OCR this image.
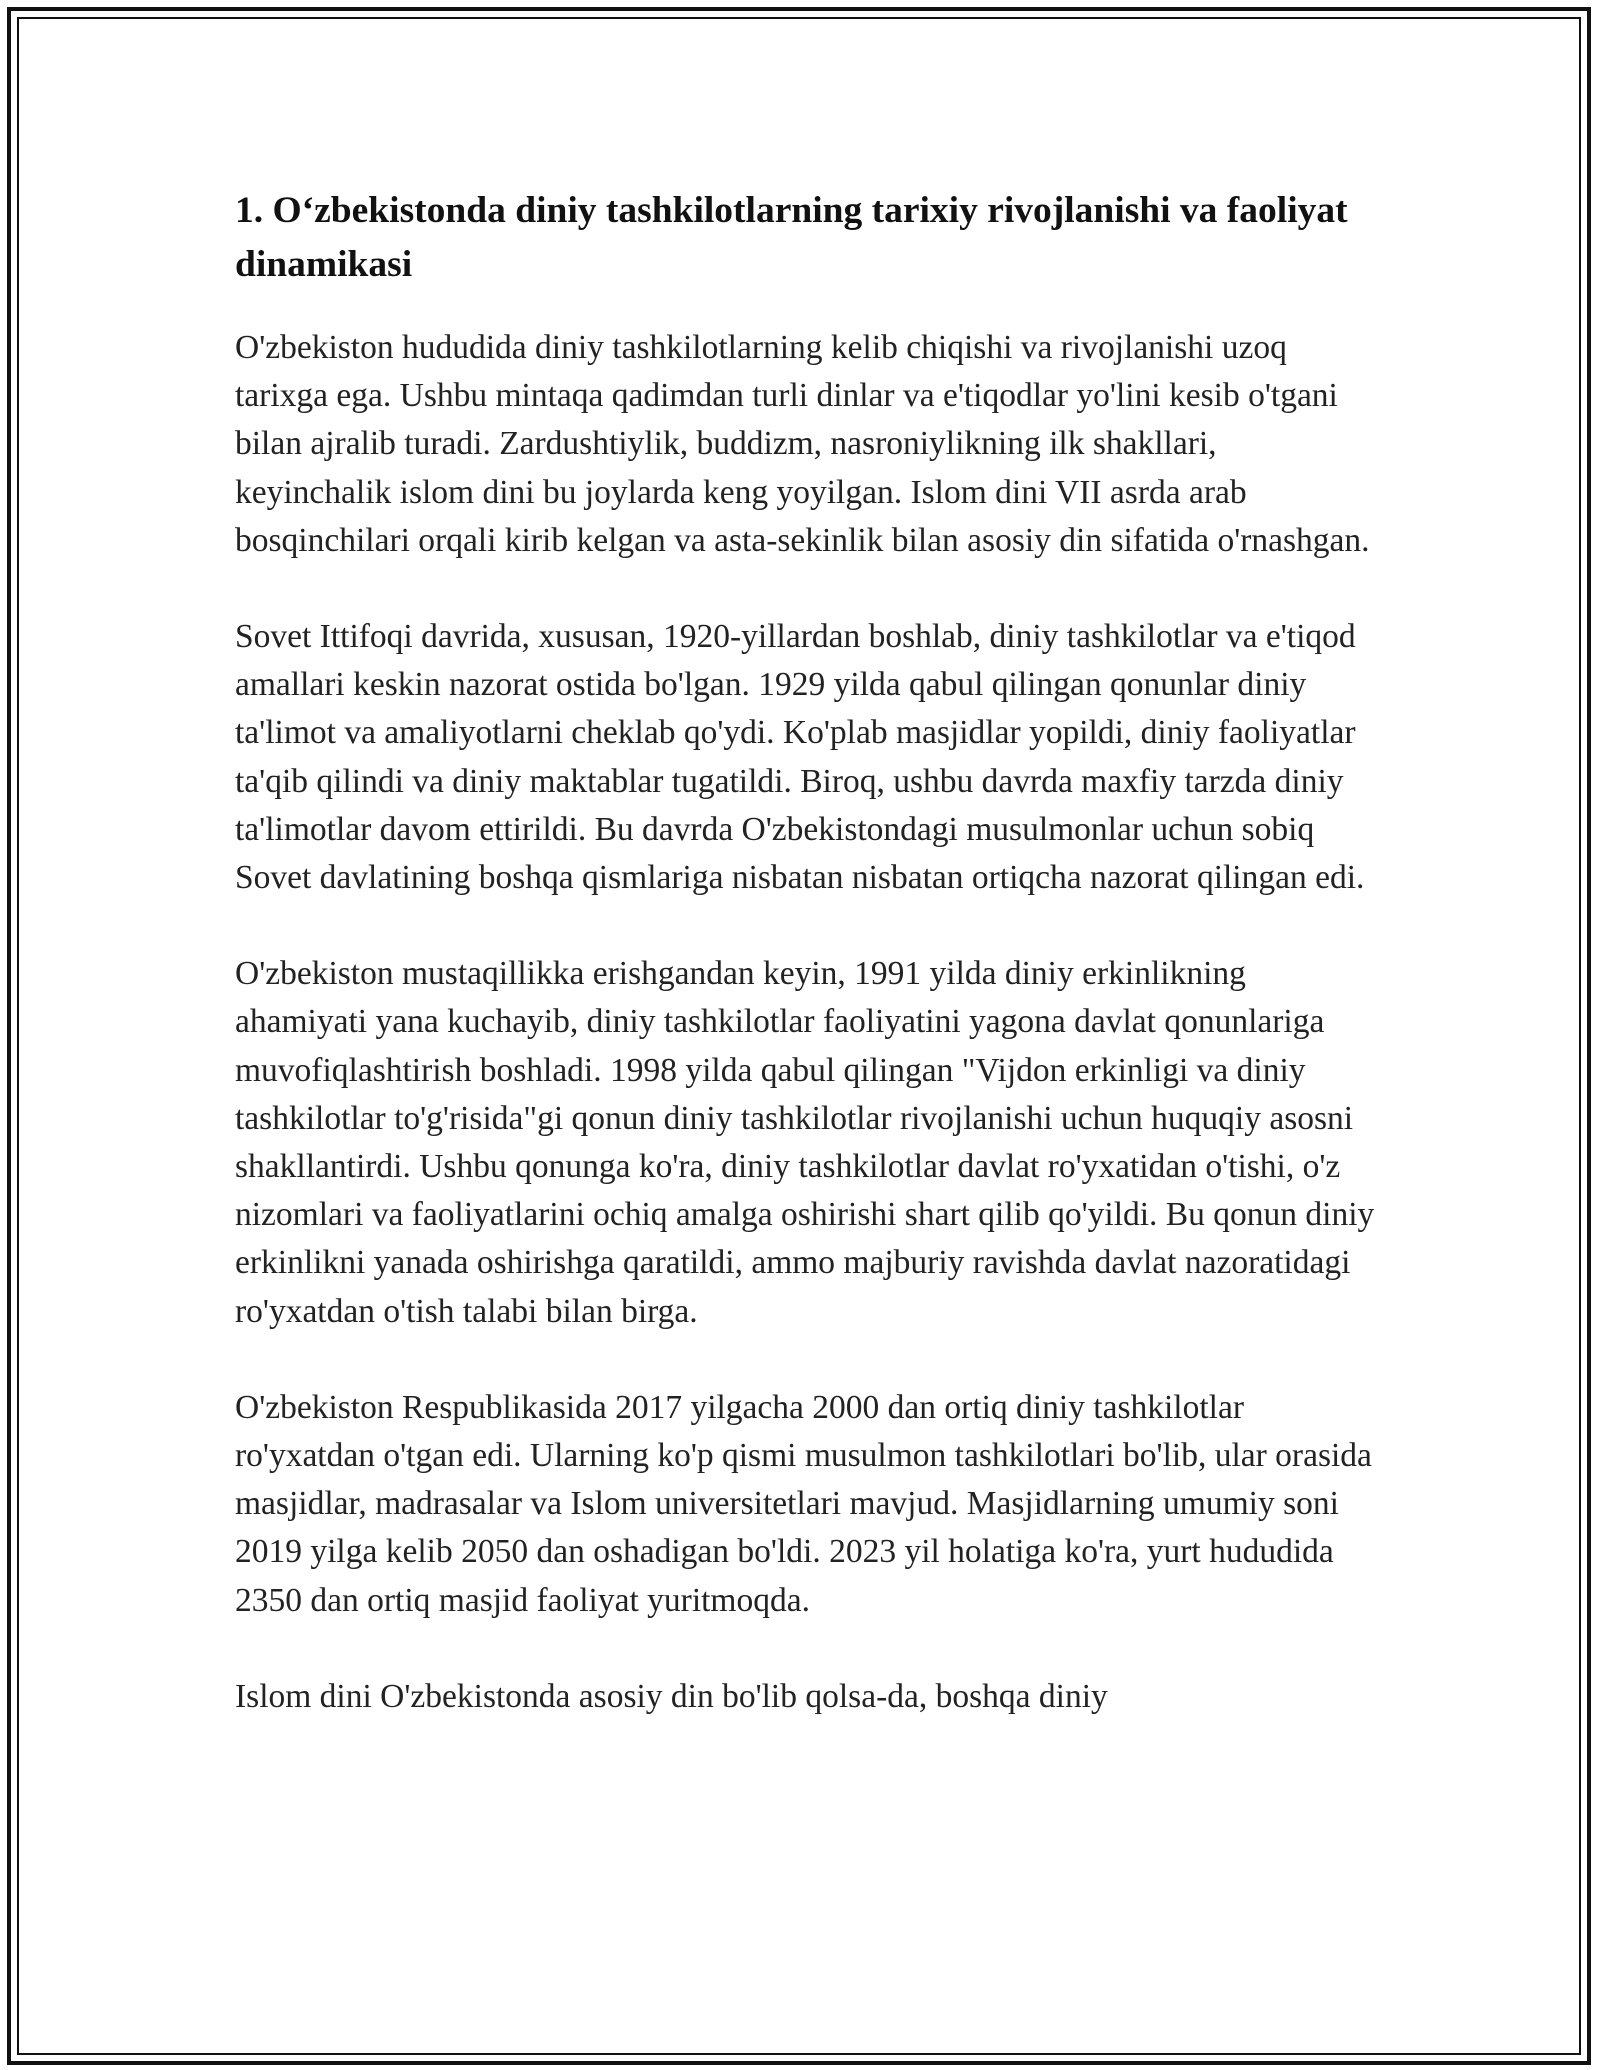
1. O‘zbekistonda diniy tashkilotlarning tarixiy rivojlanishi va faoliyat dinamikasi

O'zbekiston hududida diniy tashkilotlarning kelib chiqishi va rivojlanishi uzoq tarixga ega. Ushbu mintaqa qadimdan turli dinlar va e'tiqodlar yo'lini kesib o'tgani bilan ajralib turadi. Zardushtiylik, buddizm, nasroniylikning ilk shakllari, keyinchalik islom dini bu joylarda keng yoyilgan. Islom dini VII asrda arab bosqinchilari orqali kirib kelgan va asta-sekinlik bilan asosiy din sifatida o'rnashgan.

Sovet Ittifoqi davrida, xususan, 1920-yillardan boshlab, diniy tashkilotlar va e'tiqod amallari keskin nazorat ostida bo'lgan. 1929 yilda qabul qilingan qonunlar diniy ta'limot va amaliyotlarni cheklab qo'ydi. Ko'plab masjidlar yopildi, diniy faoliyatlar ta'qib qilindi va diniy maktablar tugatildi. Biroq, ushbu davrda maxfiy tarzda diniy ta'limotlar davom ettirildi. Bu davrda O'zbekistondagi musulmonlar uchun sobiq Sovet davlatining boshqa qismlariga nisbatan nisbatan ortiqcha nazorat qilingan edi.

O'zbekiston mustaqillikka erishgandan keyin, 1991 yilda diniy erkinlikning ahamiyati yana kuchayib, diniy tashkilotlar faoliyatini yagona davlat qonunlariga muvofiqlashtirish boshladi. 1998 yilda qabul qilingan "Vijdon erkinligi va diniy tashkilotlar to'g'risida"gi qonun diniy tashkilotlar rivojlanishi uchun huquqiy asosni shakllantirdi. Ushbu qonunga ko'ra, diniy tashkilotlar davlat ro'yxatidan o'tishi, o'z nizomlari va faoliyatlarini ochiq amalga oshirishi shart qilib qo'yildi. Bu qonun diniy erkinlikni yanada oshirishga qaratildi, ammo majburiy ravishda davlat nazoratidagi ro'yxatdan o'tish talabi bilan birga.

O'zbekiston Respublikasida 2017 yilgacha 2000 dan ortiq diniy tashkilotlar ro'yxatdan o'tgan edi. Ularning ko'p qismi musulmon tashkilotlari bo'lib, ular orasida masjidlar, madrasalar va Islom universitetlari mavjud. Masjidlarning umumiy soni 2019 yilga kelib 2050 dan oshadigan bo'ldi. 2023 yil holatiga ko'ra, yurt hududida 2350 dan ortiq masjid faoliyat yuritmoqda.

Islom dini O'zbekistonda asosiy din bo'lib qolsa-da, boshqa diniy
